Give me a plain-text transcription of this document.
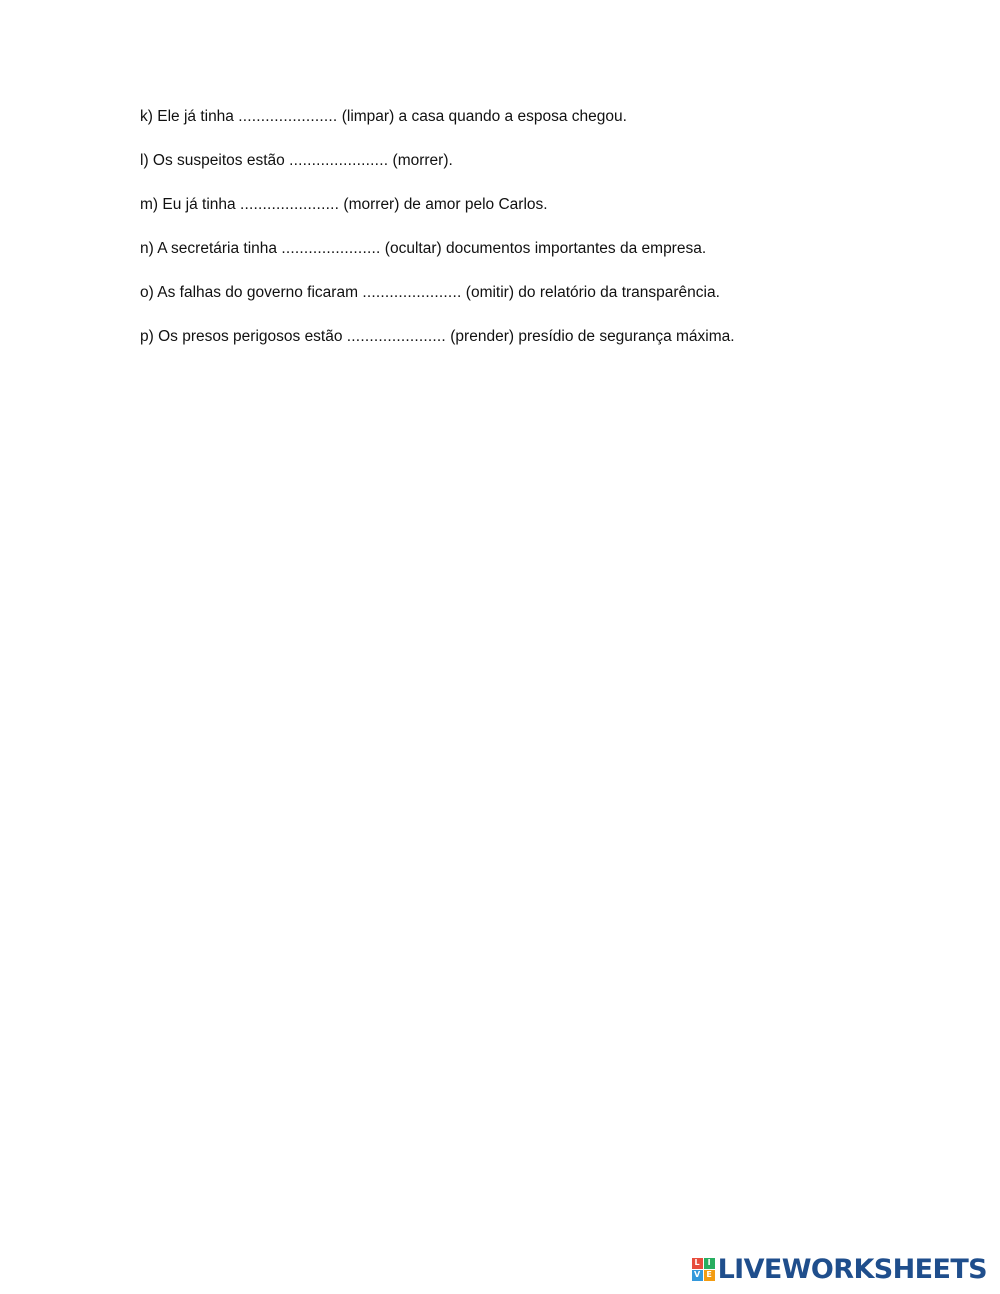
k) Ele já tinha ...................... (limpar) a casa quando a esposa chegou.
l) Os suspeitos estão ...................... (morrer).
m) Eu já tinha ...................... (morrer) de amor pelo Carlos.
n) A secretária tinha ...................... (ocultar) documentos importantes da empresa.
o) As falhas do governo ficaram ...................... (omitir) do relatório da transparência.
p) Os presos perigosos estão ...................... (prender) presídio de segurança máxima.
L I
V E LIVEWORKSHEETS
